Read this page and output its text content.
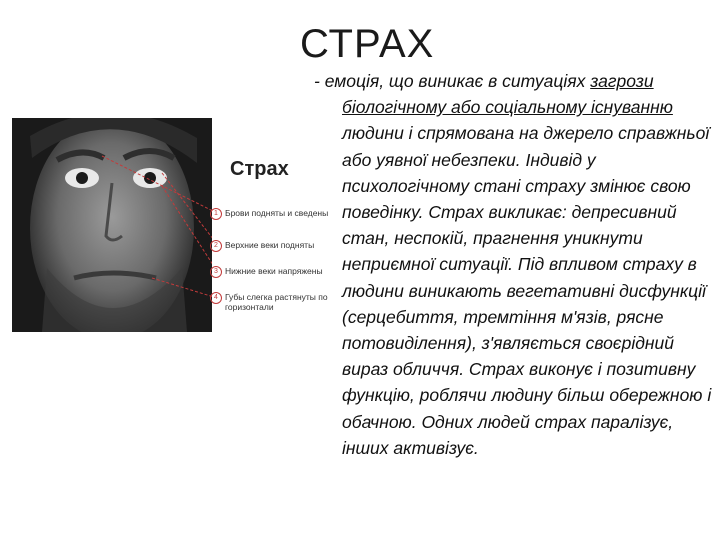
СТРАХ
Страх
1 Брови подняты и сведены
2 Верхние веки подняты
3 Нижние веки напряжены
4 Губы слегка растянуты по горизонтали

- емоція, що виникає в ситуаціях загрози біологічному або соціальному існуванню людини і спрямована на джерело справжньої або уявної небезпеки. Індивід у психологічному стані страху змінює свою поведінку. Страх викликає: депресивний стан, неспокій, прагнення уникнути неприємної ситуації. Під впливом страху в людини виникають вегетативні дисфункції (серцебиття, тремтіння м'язів, рясне потовиділення), з'являється своєрідний вираз обличчя. Страх виконує і позитивну функцію, роблячи людину більш обережною і обачною. Одних людей страх паралізує, інших активізує.
